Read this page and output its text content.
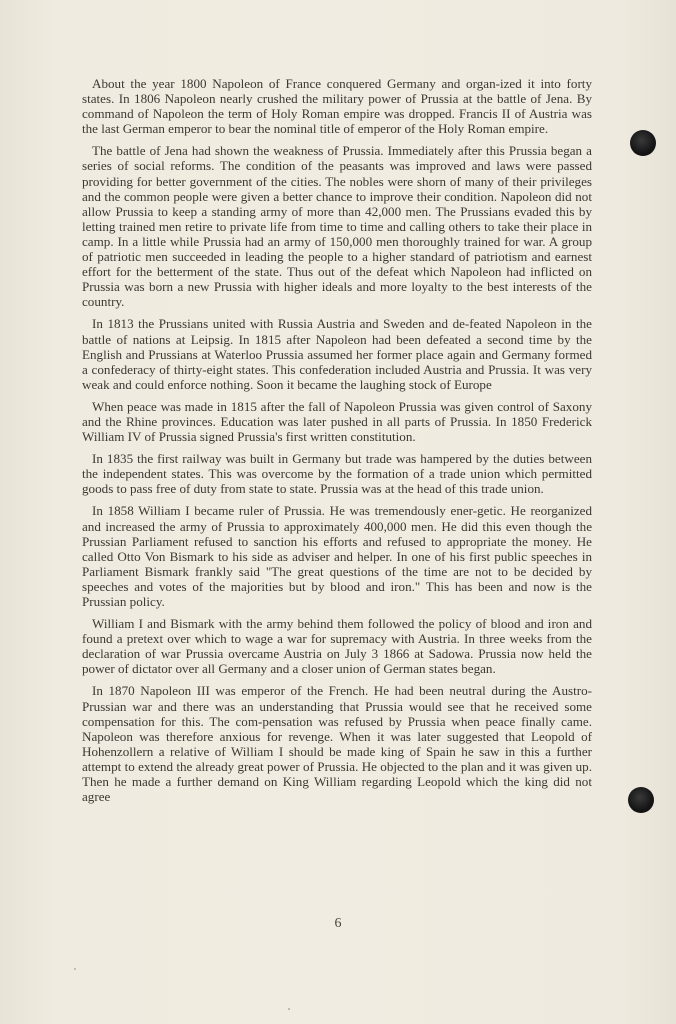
About the year 1800 Napoleon of France conquered Germany and organ-ized it into forty states. In 1806 Napoleon nearly crushed the military power of Prussia at the battle of Jena. By command of Napoleon the term of Holy Roman empire was dropped. Francis II of Austria was the last German emperor to bear the nominal title of emperor of the Holy Roman empire.

The battle of Jena had shown the weakness of Prussia. Immediately after this Prussia began a series of social reforms. The condition of the peasants was improved and laws were passed providing for better government of the cities. The nobles were shorn of many of their privileges and the common people were given a better chance to improve their condition. Napoleon did not allow Prussia to keep a standing army of more than 42,000 men. The Prussians evaded this by letting trained men retire to private life from time to time and calling others to take their place in camp. In a little while Prussia had an army of 150,000 men thoroughly trained for war. A group of patriotic men succeeded in leading the people to a higher standard of patriotism and earnest effort for the betterment of the state. Thus out of the defeat which Napoleon had inflicted on Prussia was born a new Prussia with higher ideals and more loyalty to the best interests of the country.

In 1813 the Prussians united with Russia Austria and Sweden and de-feated Napoleon in the battle of nations at Leipsig. In 1815 after Napoleon had been defeated a second time by the English and Prussians at Waterloo Prussia assumed her former place again and Germany formed a confederacy of thirty-eight states. This confederation included Austria and Prussia. It was very weak and could enforce nothing. Soon it became the laughing stock of Europe

When peace was made in 1815 after the fall of Napoleon Prussia was given control of Saxony and the Rhine provinces. Education was later pushed in all parts of Prussia. In 1850 Frederick William IV of Prussia signed Prussia's first written constitution.

In 1835 the first railway was built in Germany but trade was hampered by the duties between the independent states. This was overcome by the formation of a trade union which permitted goods to pass free of duty from state to state. Prussia was at the head of this trade union.

In 1858 William I became ruler of Prussia. He was tremendously ener-getic. He reorganized and increased the army of Prussia to approximately 400,000 men. He did this even though the Prussian Parliament refused to sanction his efforts and refused to appropriate the money. He called Otto Von Bismark to his side as adviser and helper. In one of his first public speeches in Parliament Bismark frankly said "The great questions of the time are not to be decided by speeches and votes of the majorities but by blood and iron." This has been and now is the Prussian policy.

William I and Bismark with the army behind them followed the policy of blood and iron and found a pretext over which to wage a war for supremacy with Austria. In three weeks from the declaration of war Prussia overcame Austria on July 3 1866 at Sadowa. Prussia now held the power of dictator over all Germany and a closer union of German states began.

In 1870 Napoleon III was emperor of the French. He had been neutral during the Austro-Prussian war and there was an understanding that Prussia would see that he received some compensation for this. The com-pensation was refused by Prussia when peace finally came. Napoleon was therefore anxious for revenge. When it was later suggested that Leopold of Hohenzollern a relative of William I should be made king of Spain he saw in this a further attempt to extend the already great power of Prussia. He objected to the plan and it was given up. Then he made a further demand on King William regarding Leopold which the king did not agree

6
